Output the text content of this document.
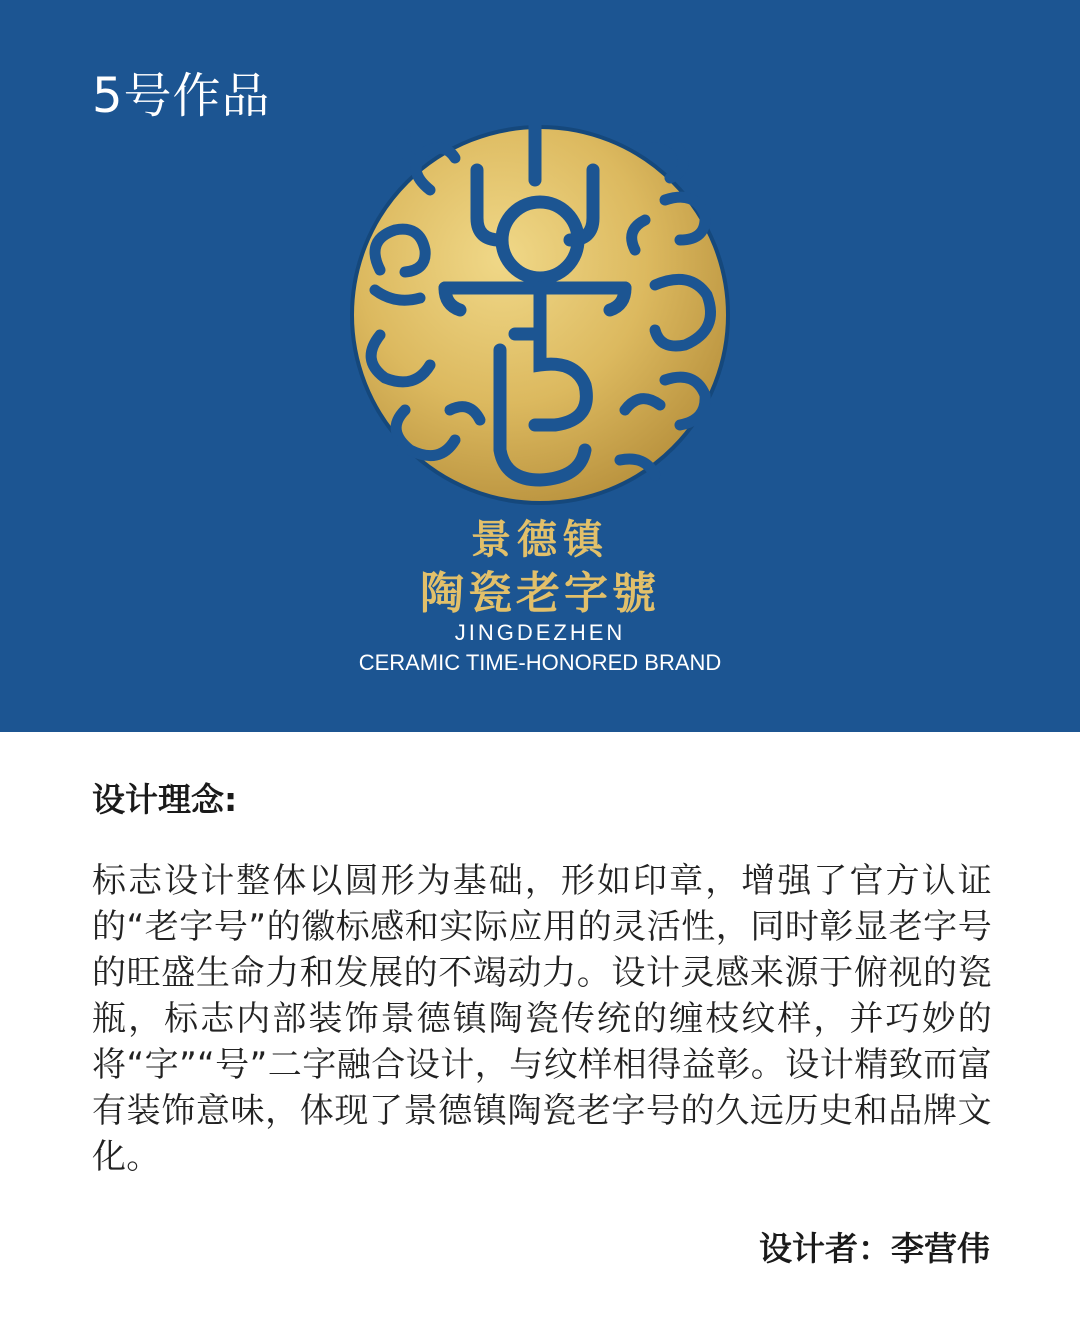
5号作品

景德镇

陶瓷老字號

JINGDEZHEN

CERAMIC TIME-HONORED BRAND

设计理念:

标志设计整体以圆形为基础，形如印章，增强了官方认证的“老字号”的徽标感和实际应用的灵活性，同时彰显老字号的旺盛生命力和发展的不竭动力。设计灵感来源于俯视的瓷瓶，标志内部装饰景德镇陶瓷传统的缠枝纹样，并巧妙的将“字”“号”二字融合设计，与纹样相得益彰。设计精致而富有装饰意味，体现了景德镇陶瓷老字号的久远历史和品牌文化。

设计者：李营伟
